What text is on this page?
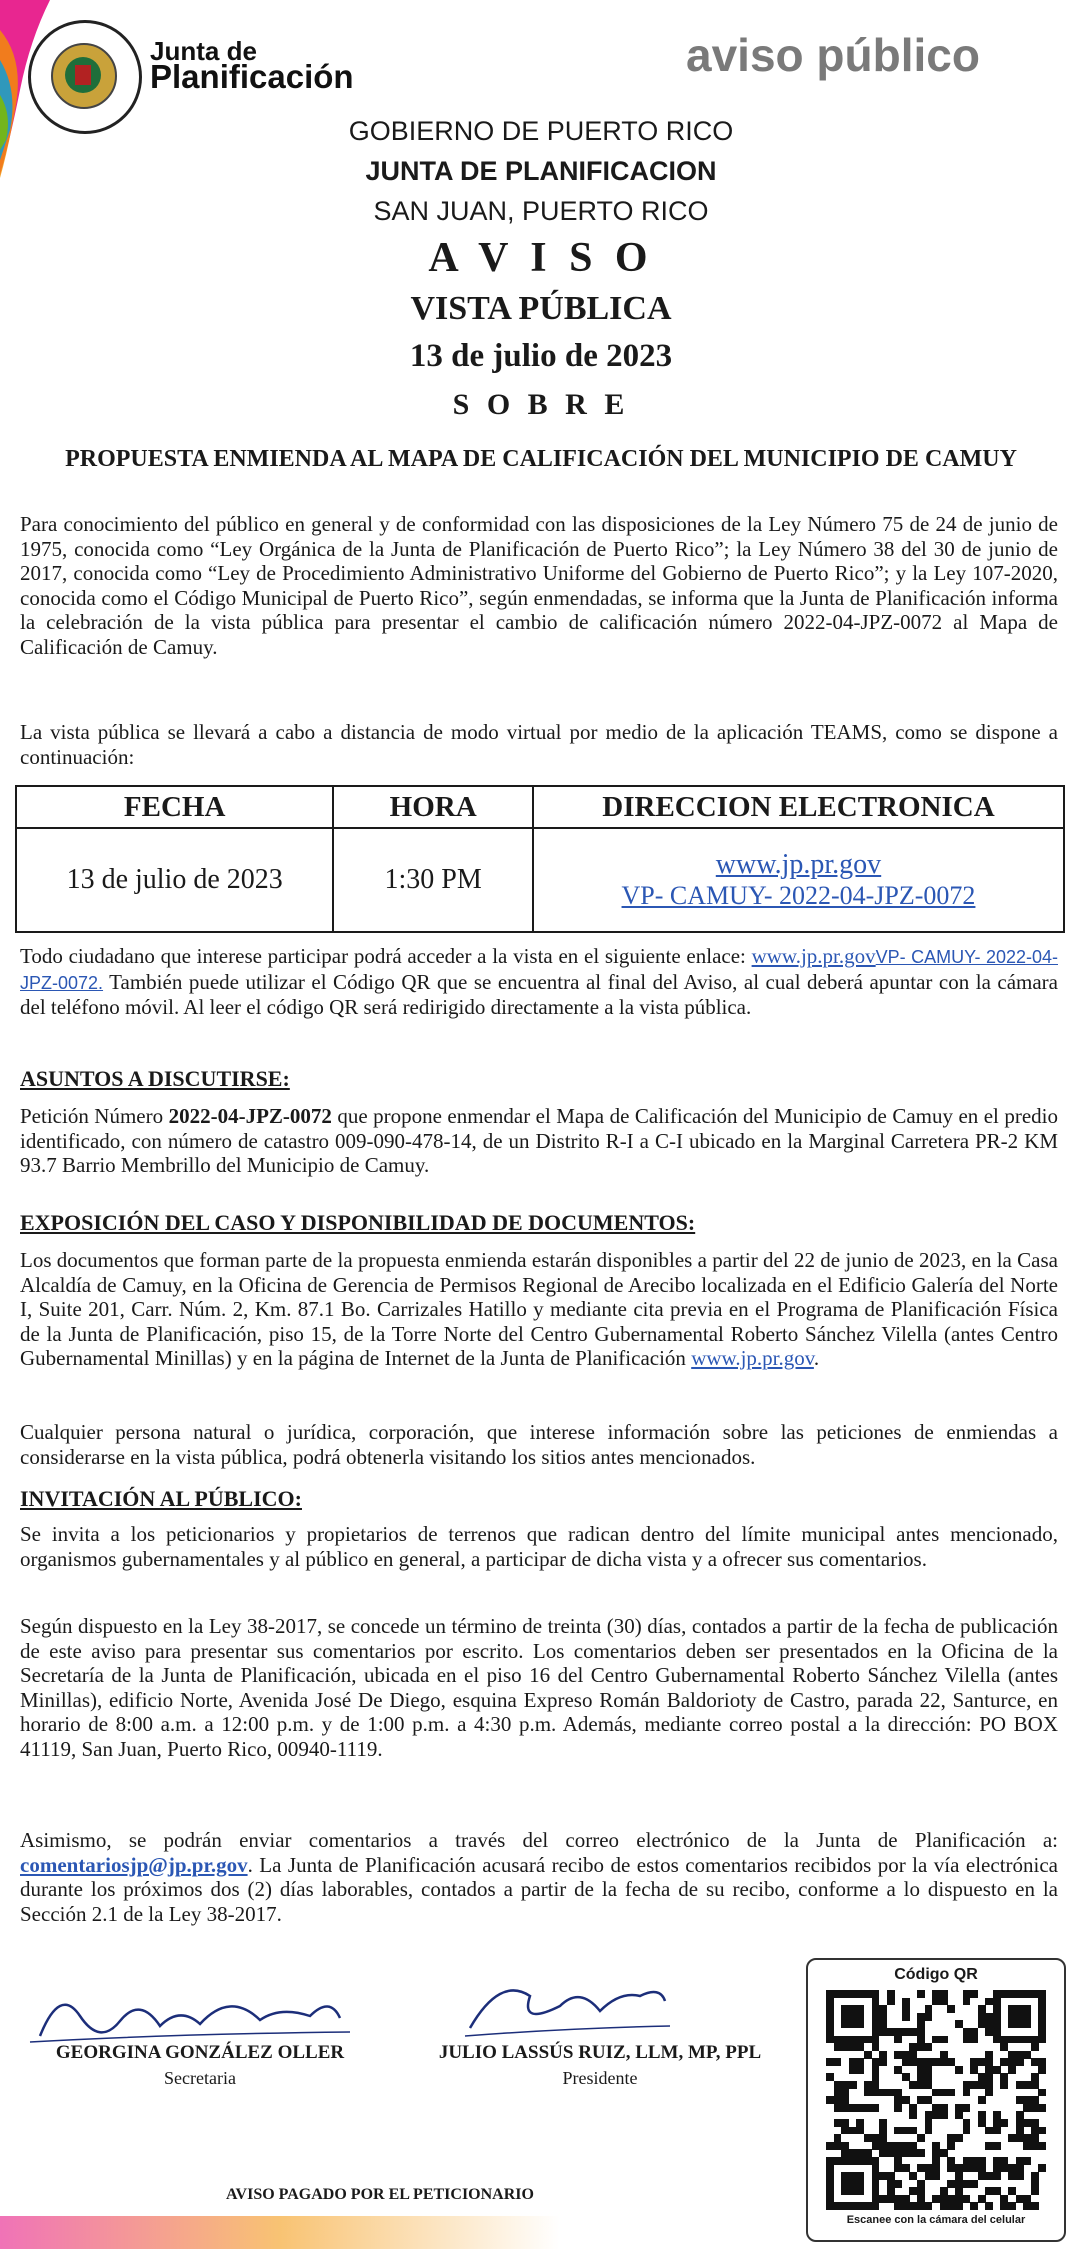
Junta de
Planificación	aviso público
GOBIERNO DE PUERTO RICO
JUNTA DE PLANIFICACION
SAN JUAN, PUERTO RICO
A V I S O
VISTA PÚBLICA
13 de julio de 2023
S O B R E
PROPUESTA ENMIENDA AL MAPA DE CALIFICACIÓN DEL MUNICIPIO DE CAMUY

Para conocimiento del público en general y de conformidad con las disposiciones de la Ley Número 75 de 24 de junio de 1975, conocida como “Ley Orgánica de la Junta de Planificación de Puerto Rico”; la Ley Número 38 del 30 de junio de 2017, conocida como “Ley de Procedimiento Administrativo Uniforme del Gobierno de Puerto Rico”; y la Ley 107-2020, conocida como el Código Municipal de Puerto Rico”, según enmendadas, se informa que la Junta de Planificación informa la celebración de la vista pública para presentar el cambio de calificación número 2022-04-JPZ-0072 al Mapa de Calificación de Camuy.

La vista pública se llevará a cabo a distancia de modo virtual por medio de la aplicación TEAMS, como se dispone a continuación:

FECHA	HORA	DIRECCION ELECTRONICA
13 de julio de 2023	1:30 PM	www.jp.pr.gov
VP- CAMUY- 2022-04-JPZ-0072

Todo ciudadano que interese participar podrá acceder a la vista en el siguiente enlace: www.jp.pr.govVP- CAMUY- 2022-04-JPZ-0072. También puede utilizar el Código QR que se encuentra al final del Aviso, al cual deberá apuntar con la cámara del teléfono móvil. Al leer el código QR será redirigido directamente a la vista pública.

ASUNTOS A DISCUTIRSE:

Petición Número 2022-04-JPZ-0072 que propone enmendar el Mapa de Calificación del Municipio de Camuy en el predio identificado, con número de catastro 009-090-478-14, de un Distrito R-I a C-I ubicado en la Marginal Carretera PR-2 KM 93.7 Barrio Membrillo del Municipio de Camuy.

EXPOSICIÓN DEL CASO Y DISPONIBILIDAD DE DOCUMENTOS:

Los documentos que forman parte de la propuesta enmienda estarán disponibles a partir del 22 de junio de 2023, en la Casa Alcaldía de Camuy, en la Oficina de Gerencia de Permisos Regional de Arecibo localizada en el Edificio Galería del Norte I, Suite 201, Carr. Núm. 2, Km. 87.1 Bo. Carrizales Hatillo y mediante cita previa en el Programa de Planificación Física de la Junta de Planificación, piso 15, de la Torre Norte del Centro Gubernamental Roberto Sánchez Vilella (antes Centro Gubernamental Minillas) y en la página de Internet de la Junta de Planificación www.jp.pr.gov.

Cualquier persona natural o jurídica, corporación, que interese información sobre las peticiones de enmiendas a considerarse en la vista pública, podrá obtenerla visitando los sitios antes mencionados.

INVITACIÓN AL PÚBLICO:

Se invita a los peticionarios y propietarios de terrenos que radican dentro del límite municipal antes mencionado, organismos gubernamentales y al público en general, a participar de dicha vista y a ofrecer sus comentarios.

Según dispuesto en la Ley 38-2017, se concede un término de treinta (30) días, contados a partir de la fecha de publicación de este aviso para presentar sus comentarios por escrito. Los comentarios deben ser presentados en la Oficina de la Secretaría de la Junta de Planificación, ubicada en el piso 16 del Centro Gubernamental Roberto Sánchez Vilella (antes Minillas), edificio Norte, Avenida José De Diego, esquina Expreso Román Baldorioty de Castro, parada 22, Santurce, en horario de 8:00 a.m. a 12:00 p.m. y de 1:00 p.m. a 4:30 p.m. Además, mediante correo postal a la dirección: PO BOX 41119, San Juan, Puerto Rico, 00940-1119.

Asimismo, se podrán enviar comentarios a través del correo electrónico de la Junta de Planificación a: comentariosjp@jp.pr.gov. La Junta de Planificación acusará recibo de estos comentarios recibidos por la vía electrónica durante los próximos dos (2) días laborables, contados a partir de la fecha de su recibo, conforme a lo dispuesto en la Sección 2.1 de la Ley 38-2017.

GEORGINA GONZÁLEZ OLLER
Secretaria
JULIO LASSÚS RUIZ, LLM, MP, PPL
Presidente
Código QR
Escanee con la cámara del celular
AVISO PAGADO POR EL PETICIONARIO
